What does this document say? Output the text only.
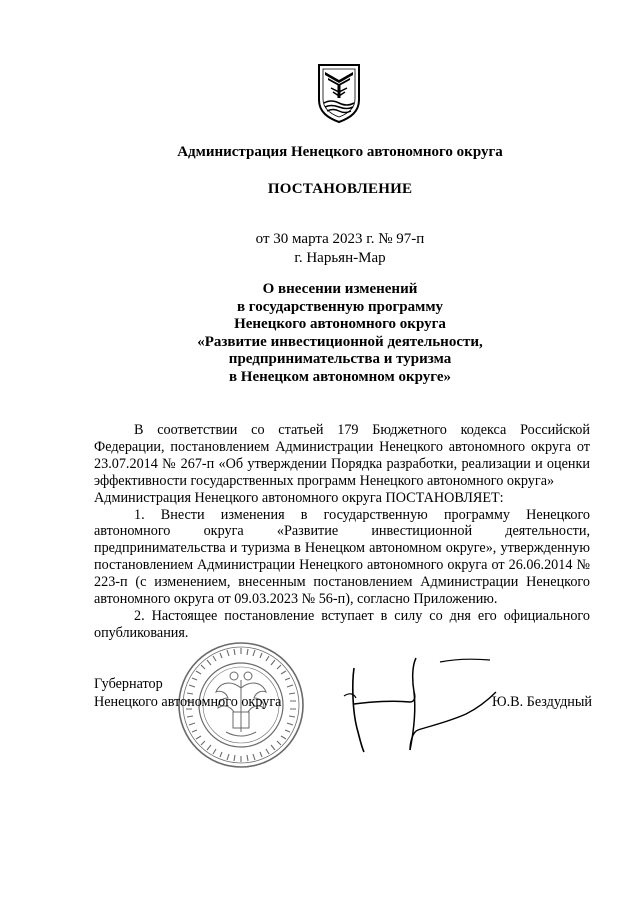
Администрация Ненецкого автономного округа
ПОСТАНОВЛЕНИЕ
от 30 марта 2023 г. № 97-п
г. Нарьян-Мар
О внесении изменений
в государственную программу
Ненецкого автономного округа
«Развитие инвестиционной деятельности,
предпринимательства и туризма
в Ненецком автономном округе»

В соответствии со статьей 179 Бюджетного кодекса Российской Федерации, постановлением Администрации Ненецкого автономного округа от 23.07.2014 № 267-п «Об утверждении Порядка разработки, реализации и оценки эффективности государственных программ Ненецкого автономного округа»

Администрация Ненецкого автономного округа ПОСТАНОВЛЯЕТ:

1. Внести изменения в государственную программу Ненецкого автономного округа «Развитие инвестиционной деятельности, предпринимательства и туризма в Ненецком автономном округе», утвержденную постановлением Администрации Ненецкого автономного округа от 26.06.2014 № 223-п (с изменением, внесенным постановлением Администрации Ненецкого автономного округа от 09.03.2023 № 56-п), согласно Приложению.

2. Настоящее постановление вступает в силу со дня его официального опубликования.

Губернатор
Ненецкого автономного округа	Ю.В. Бездудный
